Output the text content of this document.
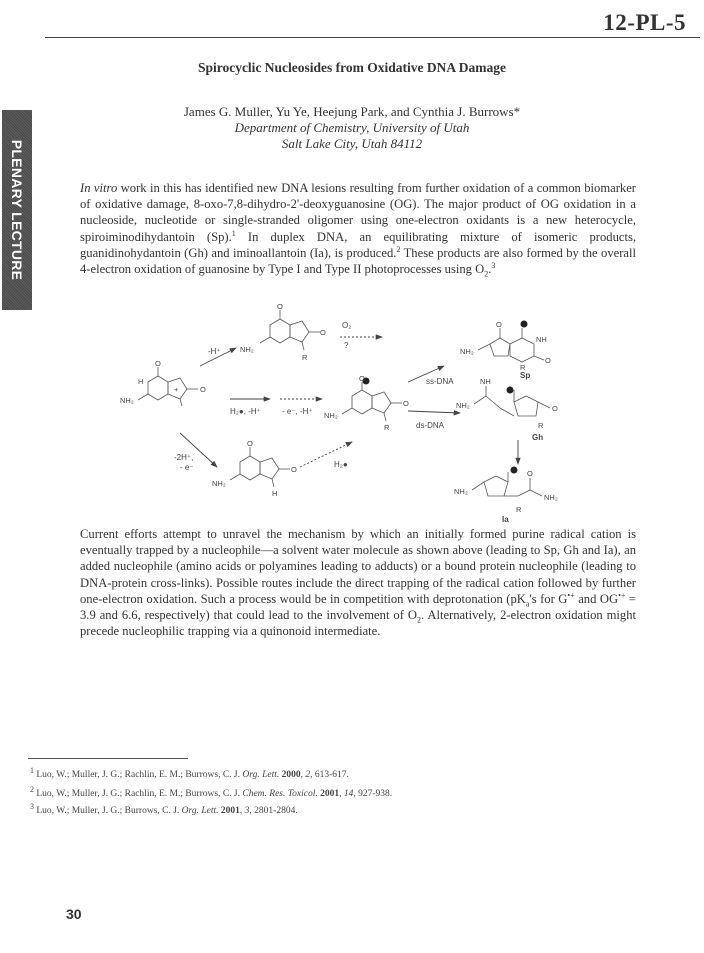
12-PL-5
PLENARY LECTURE
Spirocyclic Nucleosides from Oxidative DNA Damage
James G. Muller, Yu Ye, Heejung Park, and Cynthia J. Burrows*
Department of Chemistry, University of Utah
Salt Lake City, Utah 84112
In vitro work in this has identified new DNA lesions resulting from further oxidation of a common biomarker of oxidative damage, 8-oxo-7,8-dihydro-2'-deoxyguanosine (OG). The major product of OG oxidation in a nucleoside, nucleotide or single-stranded oligomer using one-electron oxidants is a new heterocycle, spiroiminodihydantoin (Sp).$^1$ In duplex DNA, an equilibrating mixture of isomeric products, guanidinohydantoin (Gh) and iminoallantoin (Ia), is produced.$^2$ These products are also formed by the overall 4-electron oxidation of guanosine by Type I and Type II photoprocesses using $O_2.^3$
-H⁺
O₂
?
H₂●, -H⁺	- e⁻, -H⁺
-2H⁺,
- e⁻	H₂●
ss-DNA
ds-DNA
Sp
Gh
Ia
O
NH₂
O
R
O
NH₂
O
+
H	O
NH₂
O
R
O
NH₂
O
H
O
NH₂
NH
O
R
NH
NH₂	O
R
NH₂
NH₂
O
R
Current efforts attempt to unravel the mechanism by which an initially formed purine radical cation is eventually trapped by a nucleophile—a solvent water molecule as shown above (leading to Sp, Gh and Ia), an added nucleophile (amino acids or polyamines leading to adducts) or a bound protein nucleophile (leading to DNA-protein cross-links). Possible routes include the direct trapping of the radical cation followed by further one-electron oxidation. Such a process would be in competition with deprotonation ($pK_a's$ for G•+ and OG•+ = 3.9 and 6.6, respectively) that could lead to the involvement of $O_2$. Alternatively, 2-electron oxidation might precede nucleophilic trapping via a quinonoid intermediate.
$^1$ Luo, W.; Muller, J. G.; Rachlin, E. M.; Burrows, C. J. Org. Lett. 2000, 2, 613-617.
$^2$ Luo, W.; Muller, J. G.; Rachlin, E. M.; Burrows, C. J. Chem. Res. Toxicol. 2001, 14, 927-938.
$^3$ Luo, W.; Muller, J. G.; Burrows, C. J. Org. Lett. 2001, 3, 2801-2804.
30
